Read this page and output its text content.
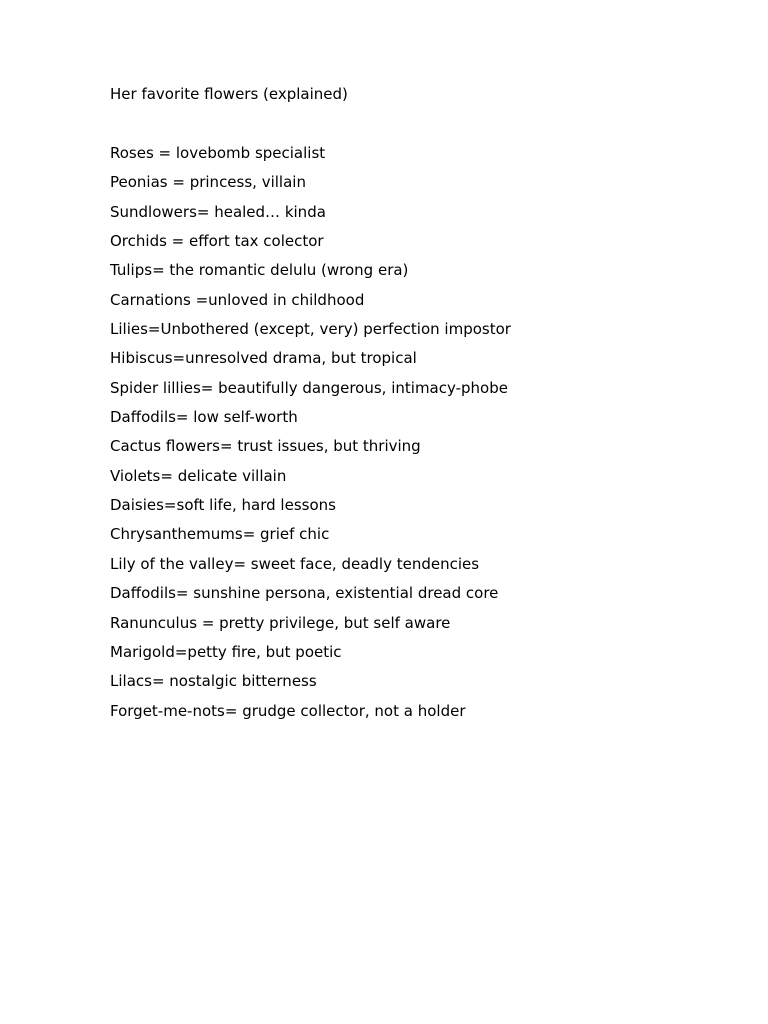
Her favorite flowers (explained)
Roses = lovebomb specialist
Peonias = princess, villain
Sundlowers= healed… kinda
Orchids = effort tax colector
Tulips= the romantic delulu (wrong era)
Carnations =unloved in childhood
Lilies=Unbothered (except, very) perfection impostor
Hibiscus=unresolved drama, but tropical
Spider lillies= beautifully dangerous, intimacy-phobe
Daffodils= low self-worth
Cactus flowers= trust issues, but thriving
Violets= delicate villain
Daisies=soft life, hard lessons
Chrysanthemums= grief chic
Lily of the valley= sweet face, deadly tendencies
Daffodils= sunshine persona, existential dread core
Ranunculus = pretty privilege, but self aware
Marigold=petty fire, but poetic
Lilacs= nostalgic bitterness
Forget-me-nots= grudge collector, not a holder
